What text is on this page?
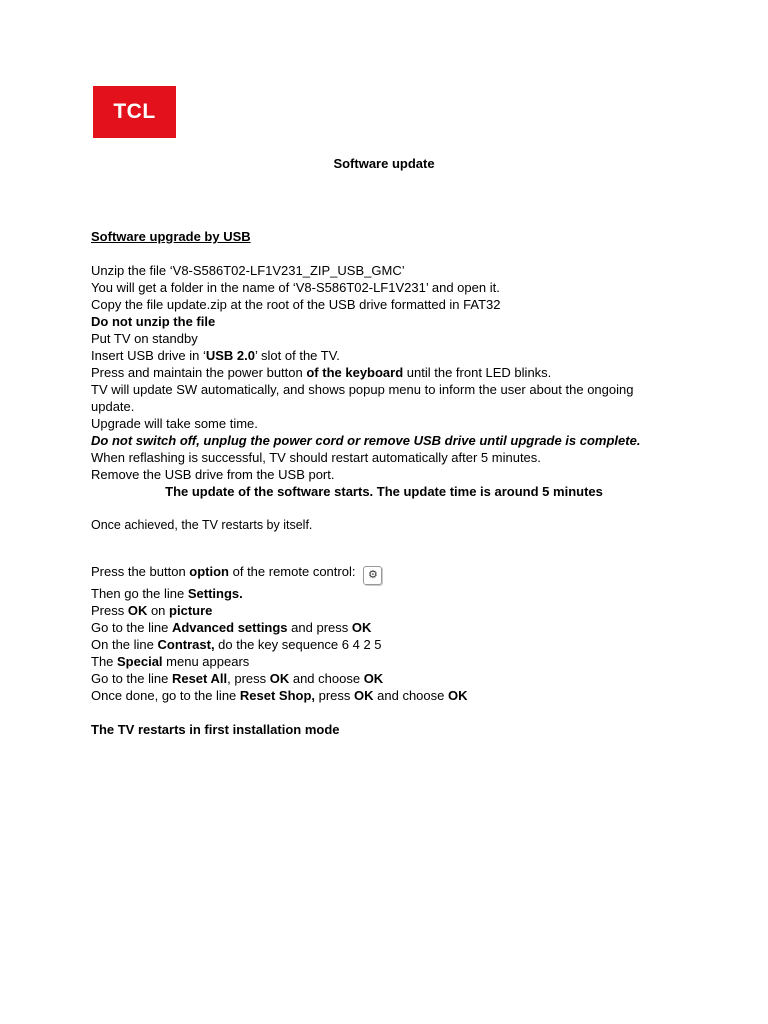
TCL
Software update

Software upgrade by USB

Unzip the file ‘V8-S586T02-LF1V231_ZIP_USB_GMC’

You will get a folder in the name of ‘V8-S586T02-LF1V231’ and open it.

Copy the file update.zip at the root of the USB drive formatted in FAT32

Do not unzip the file

Put TV on standby

Insert USB drive in ‘USB 2.0’ slot of the TV.

Press and maintain the power button of the keyboard until the front LED blinks.

TV will update SW automatically, and shows popup menu to inform the user about the ongoing

update.

Upgrade will take some time.

Do not switch off, unplug the power cord or remove USB drive until upgrade is complete.

When reflashing is successful, TV should restart automatically after 5 minutes.

Remove the USB drive from the USB port.

The update of the software starts. The update time is around 5 minutes

Once achieved, the TV restarts by itself.

Press the button option of the remote control: ⚙

Then go the line Settings.

Press OK on picture

Go to the line Advanced settings and press OK

On the line Contrast, do the key sequence 6 4 2 5

The Special menu appears

Go to the line Reset All, press OK and choose OK

Once done, go to the line Reset Shop, press OK and choose OK

The TV restarts in first installation mode
